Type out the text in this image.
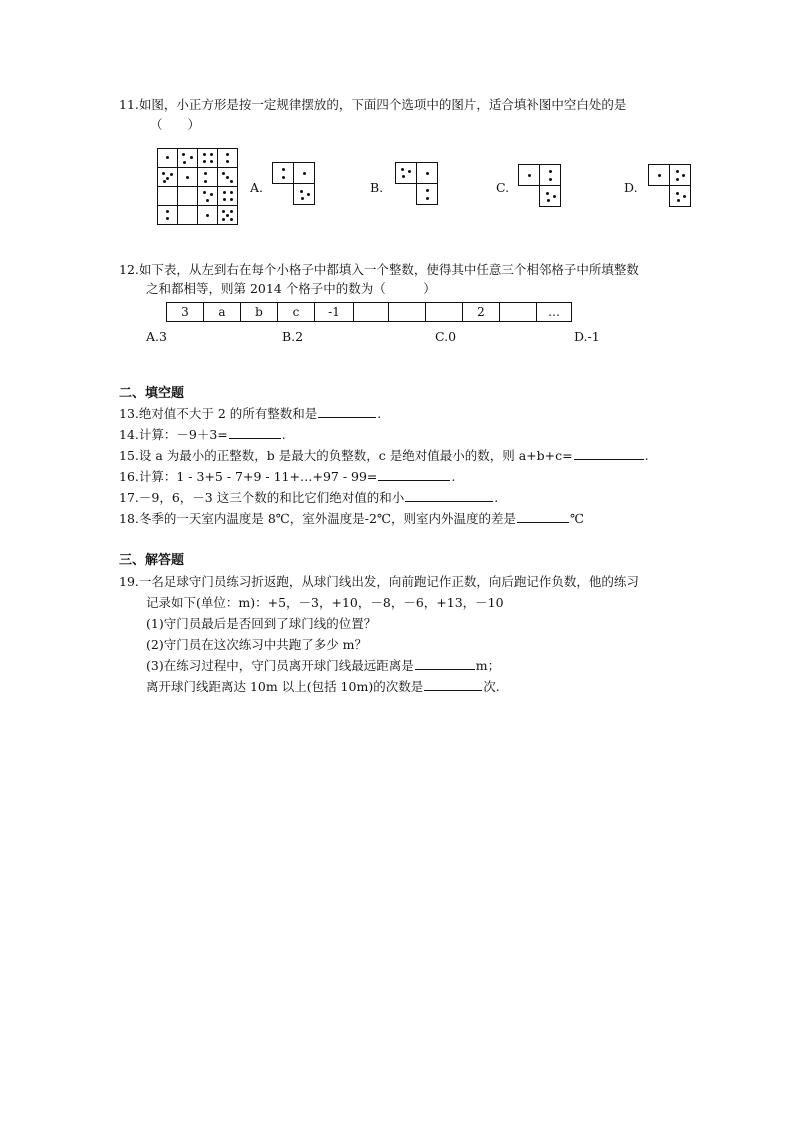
11.如图，小正方形是按一定规律摆放的，下面四个选项中的图片，适合填补图中空白处的是
（　　）

A.	B.	C.	D.
12.如下表，从左到右在每个小格子中都填入一个整数，使得其中任意三个相邻格子中所填整数
之和都相等，则第 2014 个格子中的数为（　　　）
3	a	b	c	-1				2		…
A.3	B.2	C.0	D.-1
二、填空题
13.绝对值不大于 2 的所有整数和是	.
14.计算：－9＋3=	.
15.设 a 为最小的正整数，b 是最大的负整数，c 是绝对值最小的数，则 a+b+c=	.
16.计算：1 - 3+5 - 7+9 - 11+…+97 - 99=	.
17.－9，6，－3 这三个数的和比它们绝对值的和小	.
18.冬季的一天室内温度是 8℃，室外温度是-2℃，则室内外温度的差是	℃
三、解答题
19.一名足球守门员练习折返跑，从球门线出发，向前跑记作正数，向后跑记作负数，他的练习
记录如下(单位：m)：+5，－3，+10，－8，－6，+13，－10
(1)守门员最后是否回到了球门线的位置？
(2)守门员在这次练习中共跑了多少 m？
(3)在练习过程中，守门员离开球门线最远距离是	m；
离开球门线距离达 10m 以上(包括 10m)的次数是	次.
